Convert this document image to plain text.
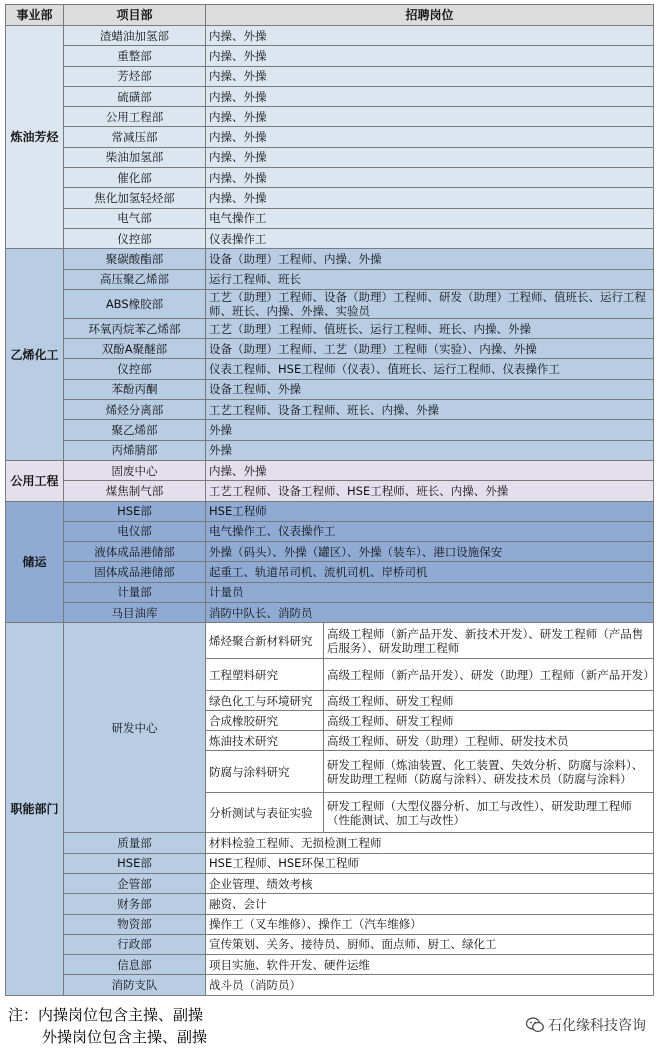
事业部	项目部	招聘岗位	
炼油芳烃	渣蜡油加氢部	内操、外操	
	重整部	内操、外操	
	芳烃部	内操、外操	
	硫磺部	内操、外操	
	公用工程部	内操、外操	
	常减压部	内操、外操	
	柴油加氢部	内操、外操	
	催化部	内操、外操	
	焦化加氢轻烃部	内操、外操	
	电气部	电气操作工	
	仪控部	仪表操作工	
乙烯化工	聚碳酸酯部	设备（助理）工程师、内操、外操	
	高压聚乙烯部	运行工程师、班长	
	ABS橡胶部	工艺（助理）工程师、设备（助理）工程师、研发（助理）工程师、值班长、运行工程师、班长、内操、外操、实验员	
	环氧丙烷苯乙烯部	工艺（助理）工程师、值班长、运行工程师、班长、内操、外操	
	双酚A聚醚部	设备（助理）工程师、工艺（助理）工程师（实验）、内操、外操	
	仪控部	仪表工程师、HSE工程师（仪表）、值班长、运行工程师、仪表操作工	
	苯酚丙酮	设备工程师、外操	
	烯烃分离部	工艺工程师、设备工程师、班长、内操、外操	
	聚乙烯部	外操	
	丙烯腈部	外操	
公用工程	固废中心	内操、外操	
	煤焦制气部	工艺工程师、设备工程师、HSE工程师、班长、内操、外操	
储运	HSE部	HSE工程师	
	电仪部	电气操作工、仪表操作工	
	液体成品港储部	外操（码头）、外操（罐区）、外操（装车）、港口设施保安	
	固体成品港储部	起重工、轨道吊司机、流机司机、岸桥司机	
	计量部	计量员	
	马目油库	消防中队长、消防员	
职能部门	研发中心	烯烃聚合新材料研究	高级工程师（新产品开发、新技术开发）、研发工程师（产品售后服务）、研发助理工程师
		工程塑料研究	高级工程师（新产品开发）、研发（助理）工程师（新产品开发）
		绿色化工与环境研究	高级工程师、研发工程师
		合成橡胶研究	高级工程师、研发工程师
		炼油技术研究	高级工程师、研发（助理）工程师、研发技术员
		防腐与涂料研究	研发工程师（炼油装置、化工装置、失效分析、防腐与涂料）、研发助理工程师（防腐与涂料）、研发技术员（防腐与涂料）
		分析测试与表征实验	研发工程师（大型仪器分析、加工与改性）、研发助理工程师（性能测试、加工与改性）
	质量部	材料检验工程师、无损检测工程师	
	HSE部	HSE工程师、HSE环保工程师	
	企管部	企业管理、绩效考核	
	财务部	融资、会计	
	物资部	操作工（叉车维修）、操作工（汽车维修）	
	行政部	宣传策划、关务、接待员、厨师、面点师、厨工、绿化工	
	信息部	项目实施、软件开发、硬件运维	
	消防支队	战斗员（消防员）	
注：内操岗位包含主操、副操
外操岗位包含主操、副操
石化缘科技咨询
